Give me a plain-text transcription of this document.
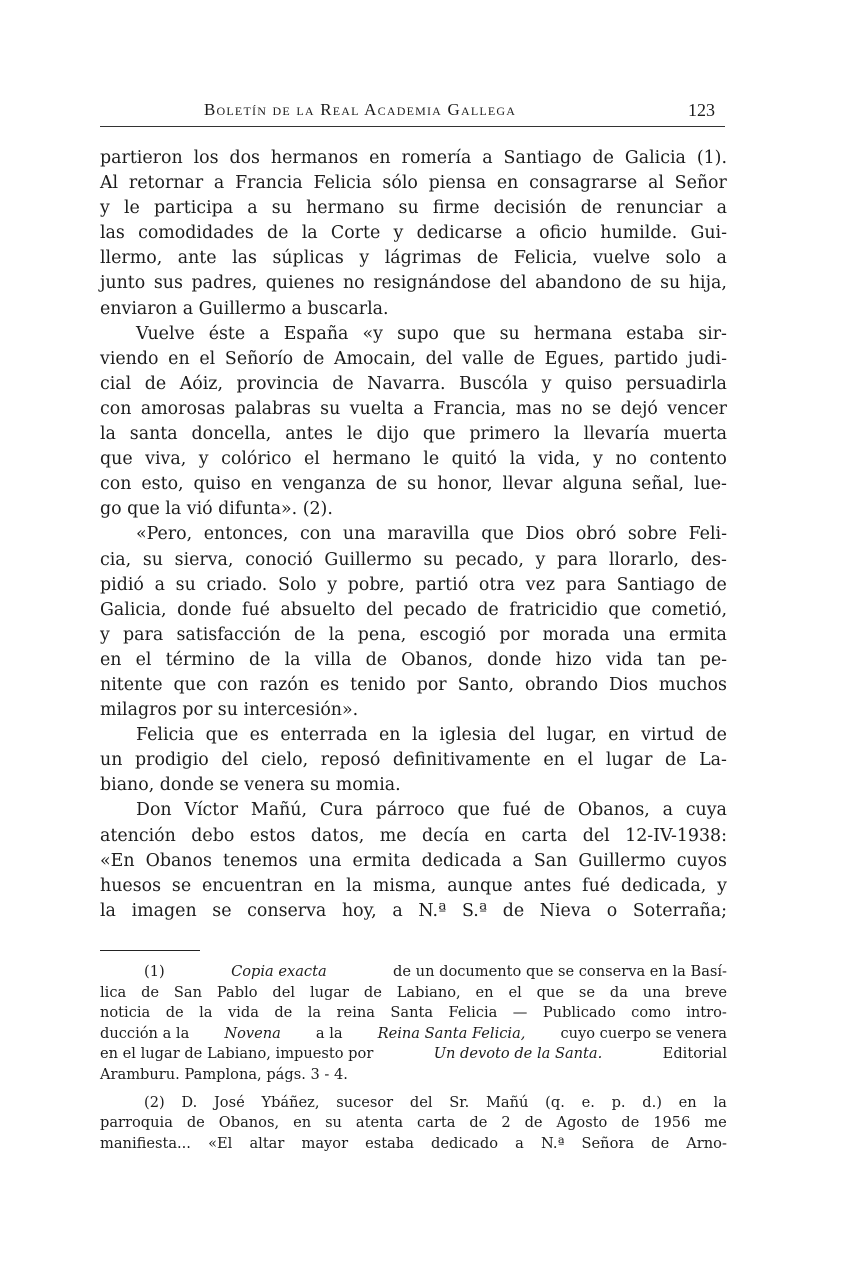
Boletín de la Real Academia Gallega	123
partieron los dos hermanos en romería a Santiago de Galicia (1).
Al retornar a Francia Felicia sólo piensa en consagrarse al Señor
y le participa a su hermano su firme decisión de renunciar a
las comodidades de la Corte y dedicarse a oficio humilde. Gui-
llermo, ante las súplicas y lágrimas de Felicia, vuelve solo a
junto sus padres, quienes no resignándose del abandono de su hija,
enviaron a Guillermo a buscarla.
Vuelve éste a España «y supo que su hermana estaba sir-
viendo en el Señorío de Amocain, del valle de Egues, partido judi-
cial de Aóiz, provincia de Navarra. Buscóla y quiso persuadirla
con amorosas palabras su vuelta a Francia, mas no se dejó vencer
la santa doncella, antes le dijo que primero la llevaría muerta
que viva, y colórico el hermano le quitó la vida, y no contento
con esto, quiso en venganza de su honor, llevar alguna señal, lue-
go que la vió difunta». (2).
«Pero, entonces, con una maravilla que Dios obró sobre Feli-
cia, su sierva, conoció Guillermo su pecado, y para llorarlo, des-
pidió a su criado. Solo y pobre, partió otra vez para Santiago de
Galicia, donde fué absuelto del pecado de fratricidio que cometió,
y para satisfacción de la pena, escogió por morada una ermita
en el término de la villa de Obanos, donde hizo vida tan pe-
nitente que con razón es tenido por Santo, obrando Dios muchos
milagros por su intercesión».
Felicia que es enterrada en la iglesia del lugar, en virtud de
un prodigio del cielo, reposó definitivamente en el lugar de La-
biano, donde se venera su momia.
Don Víctor Mañú, Cura párroco que fué de Obanos, a cuya
atención debo estos datos, me decía en carta del 12-IV-1938:
«En Obanos tenemos una ermita dedicada a San Guillermo cuyos
huesos se encuentran en la misma, aunque antes fué dedicada, y
la imagen se conserva hoy, a N.ª S.ª de Nieva o Soterraña;
(1)	Copia exacta	de un documento que se conserva en la Basí-
lica de San Pablo del lugar de Labiano, en el que se da una breve
noticia de la vida de la reina Santa Felicia — Publicado como intro-
ducción a la Novena a la Reina Santa Felicia, cuyo cuerpo se venera
en el lugar de Labiano, impuesto por	Un devoto de la Santa.	Editorial
Aramburu. Pamplona, págs. 3 - 4.
(2) D. José Ybáñez, sucesor del Sr. Mañú (q. e. p. d.) en la
parroquia de Obanos, en su atenta carta de 2 de Agosto de 1956 me
manifiesta... «El altar mayor estaba dedicado a N.ª Señora de Arno-
